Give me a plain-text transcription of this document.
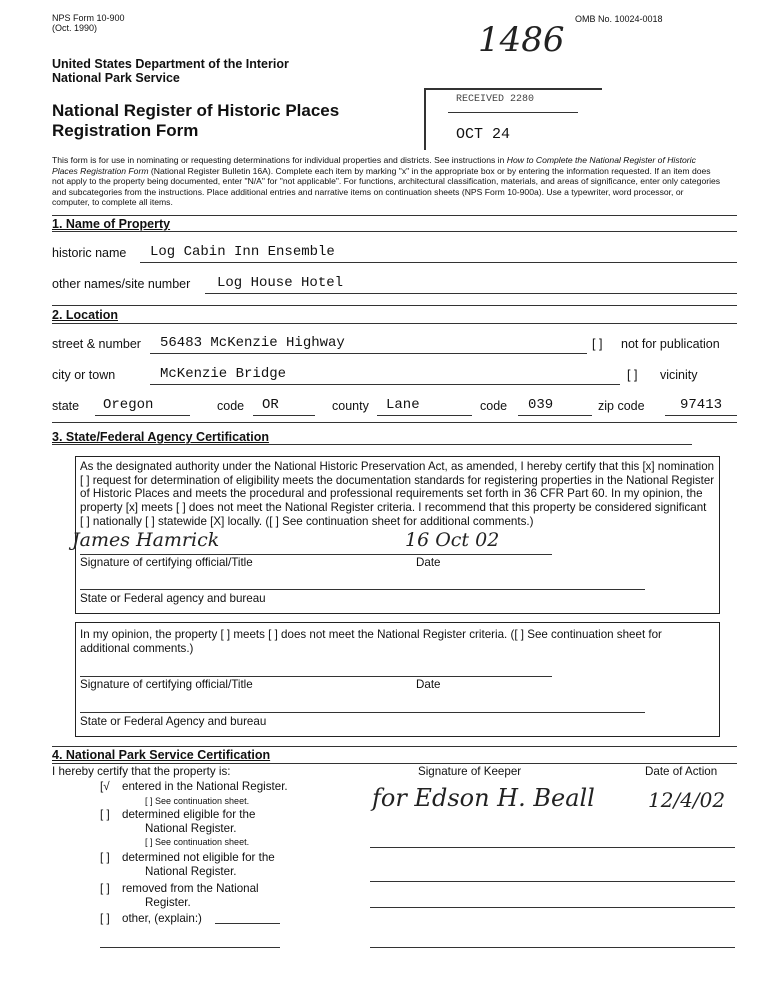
NPS Form 10-900
(Oct. 1990)
OMB No. 10024-0018
1486
United States Department of the Interior
National Park Service
National Register of Historic Places
Registration Form
RECEIVED 2280
OCT 24
This form is for use in nominating or requesting determinations for individual properties and districts. See instructions in How to Complete the National Register of Historic
Places Registration Form (National Register Bulletin 16A). Complete each item by marking "x" in the appropriate box or by entering the information requested. If an item does
not apply to the property being documented, enter "N/A" for "not applicable". For functions, architectural classification, materials, and areas of significance, enter only categories
and subcategories from the instructions. Place additional entries and narrative items on continuation sheets (NPS Form 10-900a). Use a typewriter, word processor, or
computer, to complete all items.
1. Name of Property
historic name Log Cabin Inn Ensemble
other names/site number Log House Hotel
2. Location
street & number 56483 McKenzie Highway	[ ] not for publication
city or town	McKenzie Bridge	[ ] vicinity
state Oregon	code OR	county Lane	code 039	zip code	97413
3. State/Federal Agency Certification
As the designated authority under the National Historic Preservation Act, as amended, I hereby certify that this [x] nomination
[ ] request for determination of eligibility meets the documentation standards for registering properties in the National Register
of Historic Places and meets the procedural and professional requirements set forth in 36 CFR Part 60. In my opinion, the
property [x] meets [ ] does not meet the National Register criteria. I recommend that this property be considered significant
[ ] nationally [ ] statewide [X] locally. ([ ] See continuation sheet for additional comments.)
James Hamrick	16 Oct 02
Signature of certifying official/Title	Date
State or Federal agency and bureau
In my opinion, the property [ ] meets [ ] does not meet the National Register criteria. ([ ] See continuation sheet for
additional comments.)
Signature of certifying official/Title	Date
State or Federal Agency and bureau
4. National Park Service Certification
I hereby certify that the property is:	Signature of Keeper	Date of Action
for Edson H. Beall	12/4/02
[√ entered in the National Register.
[ ] See continuation sheet.
[ ] determined eligible for the
National Register.
[ ] See continuation sheet.
[ ] determined not eligible for the
National Register.
[ ] removed from the National
Register.
[ ] other, (explain:)
